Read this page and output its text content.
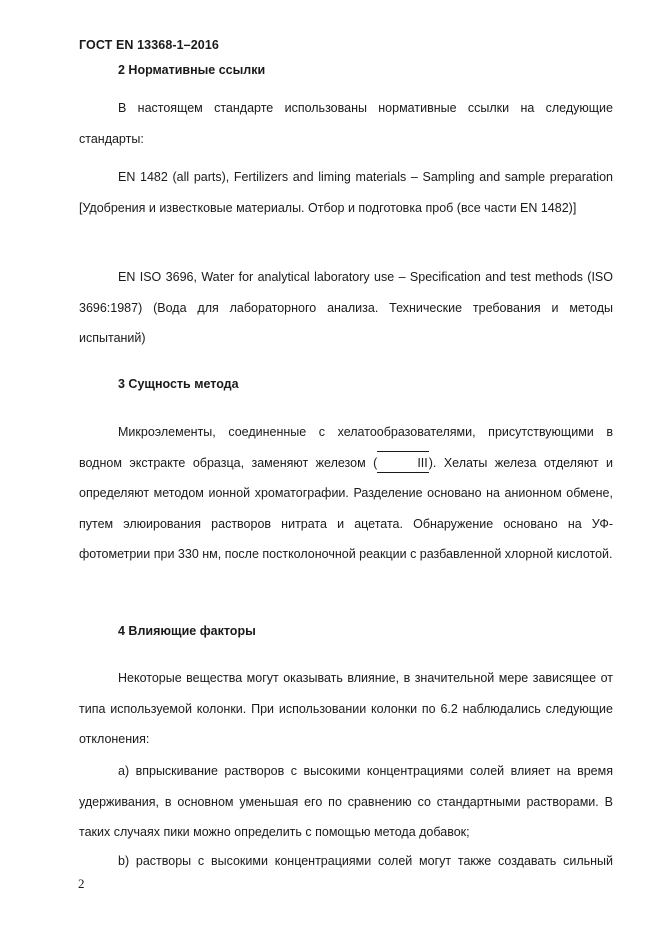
ГОСТ EN 13368-1–2016
2 Нормативные ссылки
В настоящем стандарте использованы нормативные ссылки на следующие стандарты:
EN 1482 (all parts), Fertilizers and liming materials – Sampling and sample preparation [Удобрения и известковые материалы. Отбор и подготовка проб (все части EN 1482)]
EN ISO 3696, Water for analytical laboratory use – Specification and test methods (ISO 3696:1987) (Вода для лабораторного анализа. Технические требования и методы испытаний)
3 Сущность метода
Микроэлементы, соединенные с хелатообразователями, присутствующими в водном экстракте образца, заменяют железом (	III). Хелаты железа отделяют и определяют методом ионной хроматографии. Разделение основано на анионном обмене, путем элюирования растворов нитрата и ацетата. Обнаружение основано на УФ-фотометрии при 330 нм, после постколоночной реакции с разбавленной хлорной кислотой.
4 Влияющие факторы
Некоторые вещества могут оказывать влияние, в значительной мере зависящее от типа используемой колонки. При использовании колонки по 6.2 наблюдались следующие отклонения:
a) впрыскивание растворов с высокими концентрациями солей влияет на время удерживания, в основном уменьшая его по сравнению со стандартными растворами. В таких случаях пики можно определить с помощью метода добавок;
b) растворы с высокими концентрациями солей могут также создавать сильный
2
